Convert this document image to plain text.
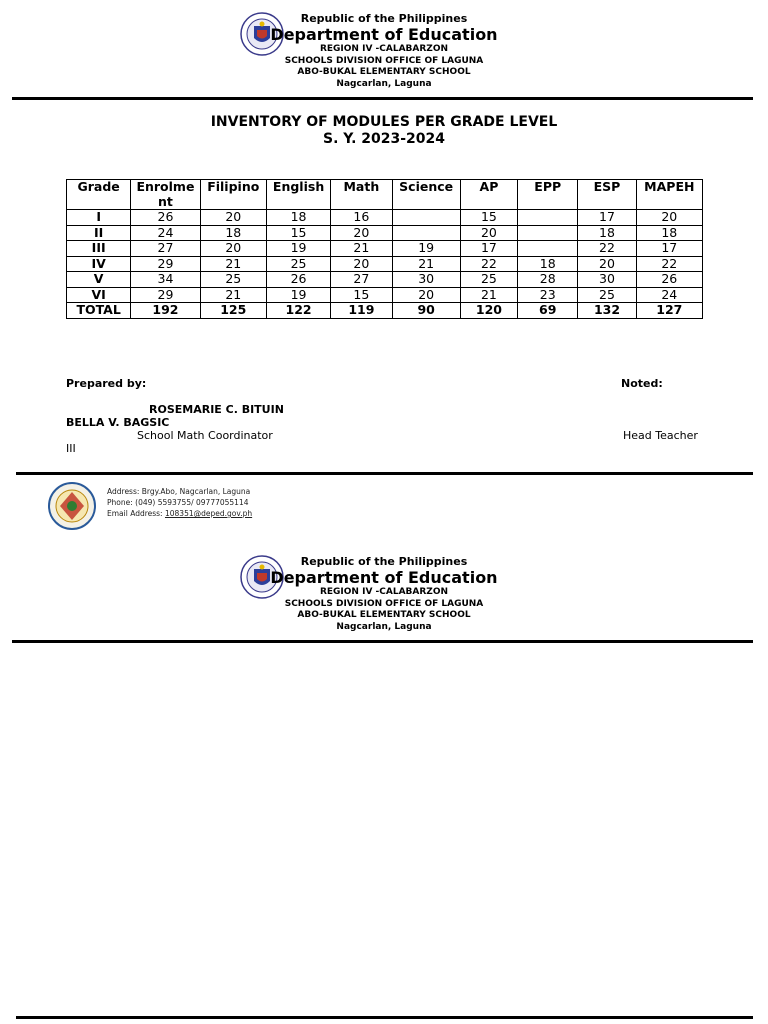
Republic of the Philippines
Department of Education
REGION IV -CALABARZON
SCHOOLS DIVISION OFFICE OF LAGUNA
ABO-BUKAL ELEMENTARY SCHOOL
Nagcarlan, Laguna
INVENTORY OF MODULES PER GRADE LEVEL
S. Y. 2023-2024
Grade	Enrolme nt	Filipino	English	Math	Science	AP	EPP	ESP	MAPEH
I	26	20	18	16		15		17	20
II	24	18	15	20		20		18	18
III	27	20	19	21	19	17		22	17
IV	29	21	25	20	21	22	18	20	22
V	34	25	26	27	30	25	28	30	26
VI	29	21	19	15	20	21	23	25	24
TOTAL	192	125	122	119	90	120	69	132	127
Prepared by:	Noted:
ROSEMARIE C. BITUIN
BELLA V. BAGSIC
School Math Coordinator	Head Teacher
III
Address: Brgy.Abo, Nagcarlan, Laguna
Phone: (049) 5593755/ 09777055114
Email Address: 108351@deped.gov.ph
Republic of the Philippines
Department of Education
REGION IV -CALABARZON
SCHOOLS DIVISION OFFICE OF LAGUNA
ABO-BUKAL ELEMENTARY SCHOOL
Nagcarlan, Laguna
